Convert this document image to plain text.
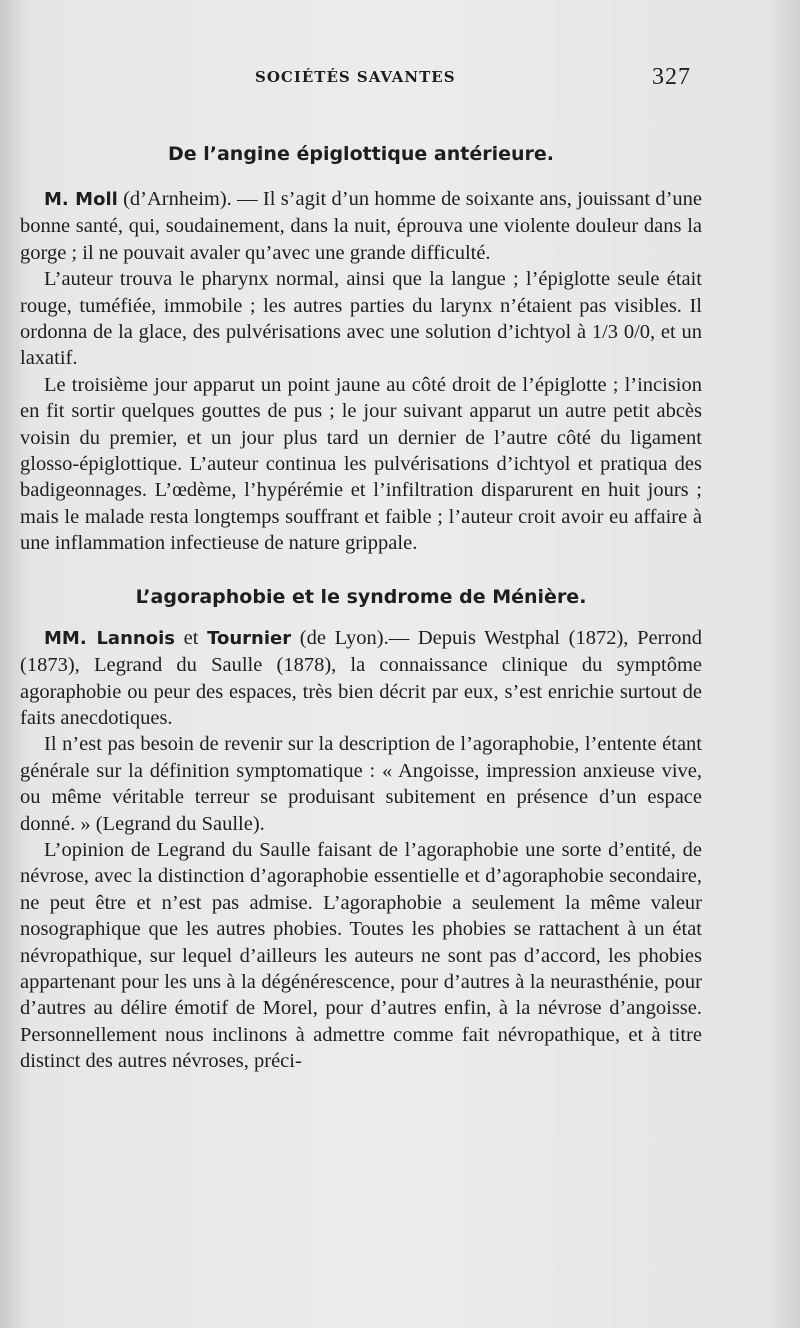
SOCIÉTÉS SAVANTES	327
De l’angine épiglottique antérieure.

M. Moll (d’Arnheim). — Il s’agit d’un homme de soixante ans, jouissant d’une bonne santé, qui, soudainement, dans la nuit, éprouva une violente douleur dans la gorge ; il ne pouvait avaler qu’avec une grande difficulté.

L’auteur trouva le pharynx normal, ainsi que la langue ; l’épiglotte seule était rouge, tuméfiée, immobile ; les autres parties du larynx n’étaient pas visibles. Il ordonna de la glace, des pulvérisations avec une solution d’ichtyol à 1/3 0/0, et un laxatif.

Le troisième jour apparut un point jaune au côté droit de l’épiglotte ; l’incision en fit sortir quelques gouttes de pus ; le jour suivant apparut un autre petit abcès voisin du premier, et un jour plus tard un dernier de l’autre côté du ligament glosso-épiglottique. L’auteur continua les pulvérisations d’ichtyol et pratiqua des badigeonnages. L’œdème, l’hypérémie et l’infiltration disparurent en huit jours ; mais le malade resta longtemps souffrant et faible ; l’auteur croit avoir eu affaire à une inflammation infectieuse de nature grippale.

L’agoraphobie et le syndrome de Ménière.

MM. Lannois et Tournier (de Lyon).— Depuis Westphal (1872), Perrond (1873), Legrand du Saulle (1878), la connaissance clinique du symptôme agoraphobie ou peur des espaces, très bien décrit par eux, s’est enrichie surtout de faits anecdotiques.

Il n’est pas besoin de revenir sur la description de l’agoraphobie, l’entente étant générale sur la définition symptomatique : « Angoisse, impression anxieuse vive, ou même véritable terreur se produisant subitement en présence d’un espace donné. » (Legrand du Saulle).

L’opinion de Legrand du Saulle faisant de l’agoraphobie une sorte d’entité, de névrose, avec la distinction d’agoraphobie essentielle et d’agoraphobie secondaire, ne peut être et n’est pas admise. L’agoraphobie a seulement la même valeur nosographique que les autres phobies. Toutes les phobies se rattachent à un état névropathique, sur lequel d’ailleurs les auteurs ne sont pas d’accord, les phobies appartenant pour les uns à la dégénérescence, pour d’autres à la neurasthénie, pour d’autres au délire émotif de Morel, pour d’autres enfin, à la névrose d’angoisse. Personnellement nous inclinons à admettre comme fait névropathique, et à titre distinct des autres névroses, préci-
